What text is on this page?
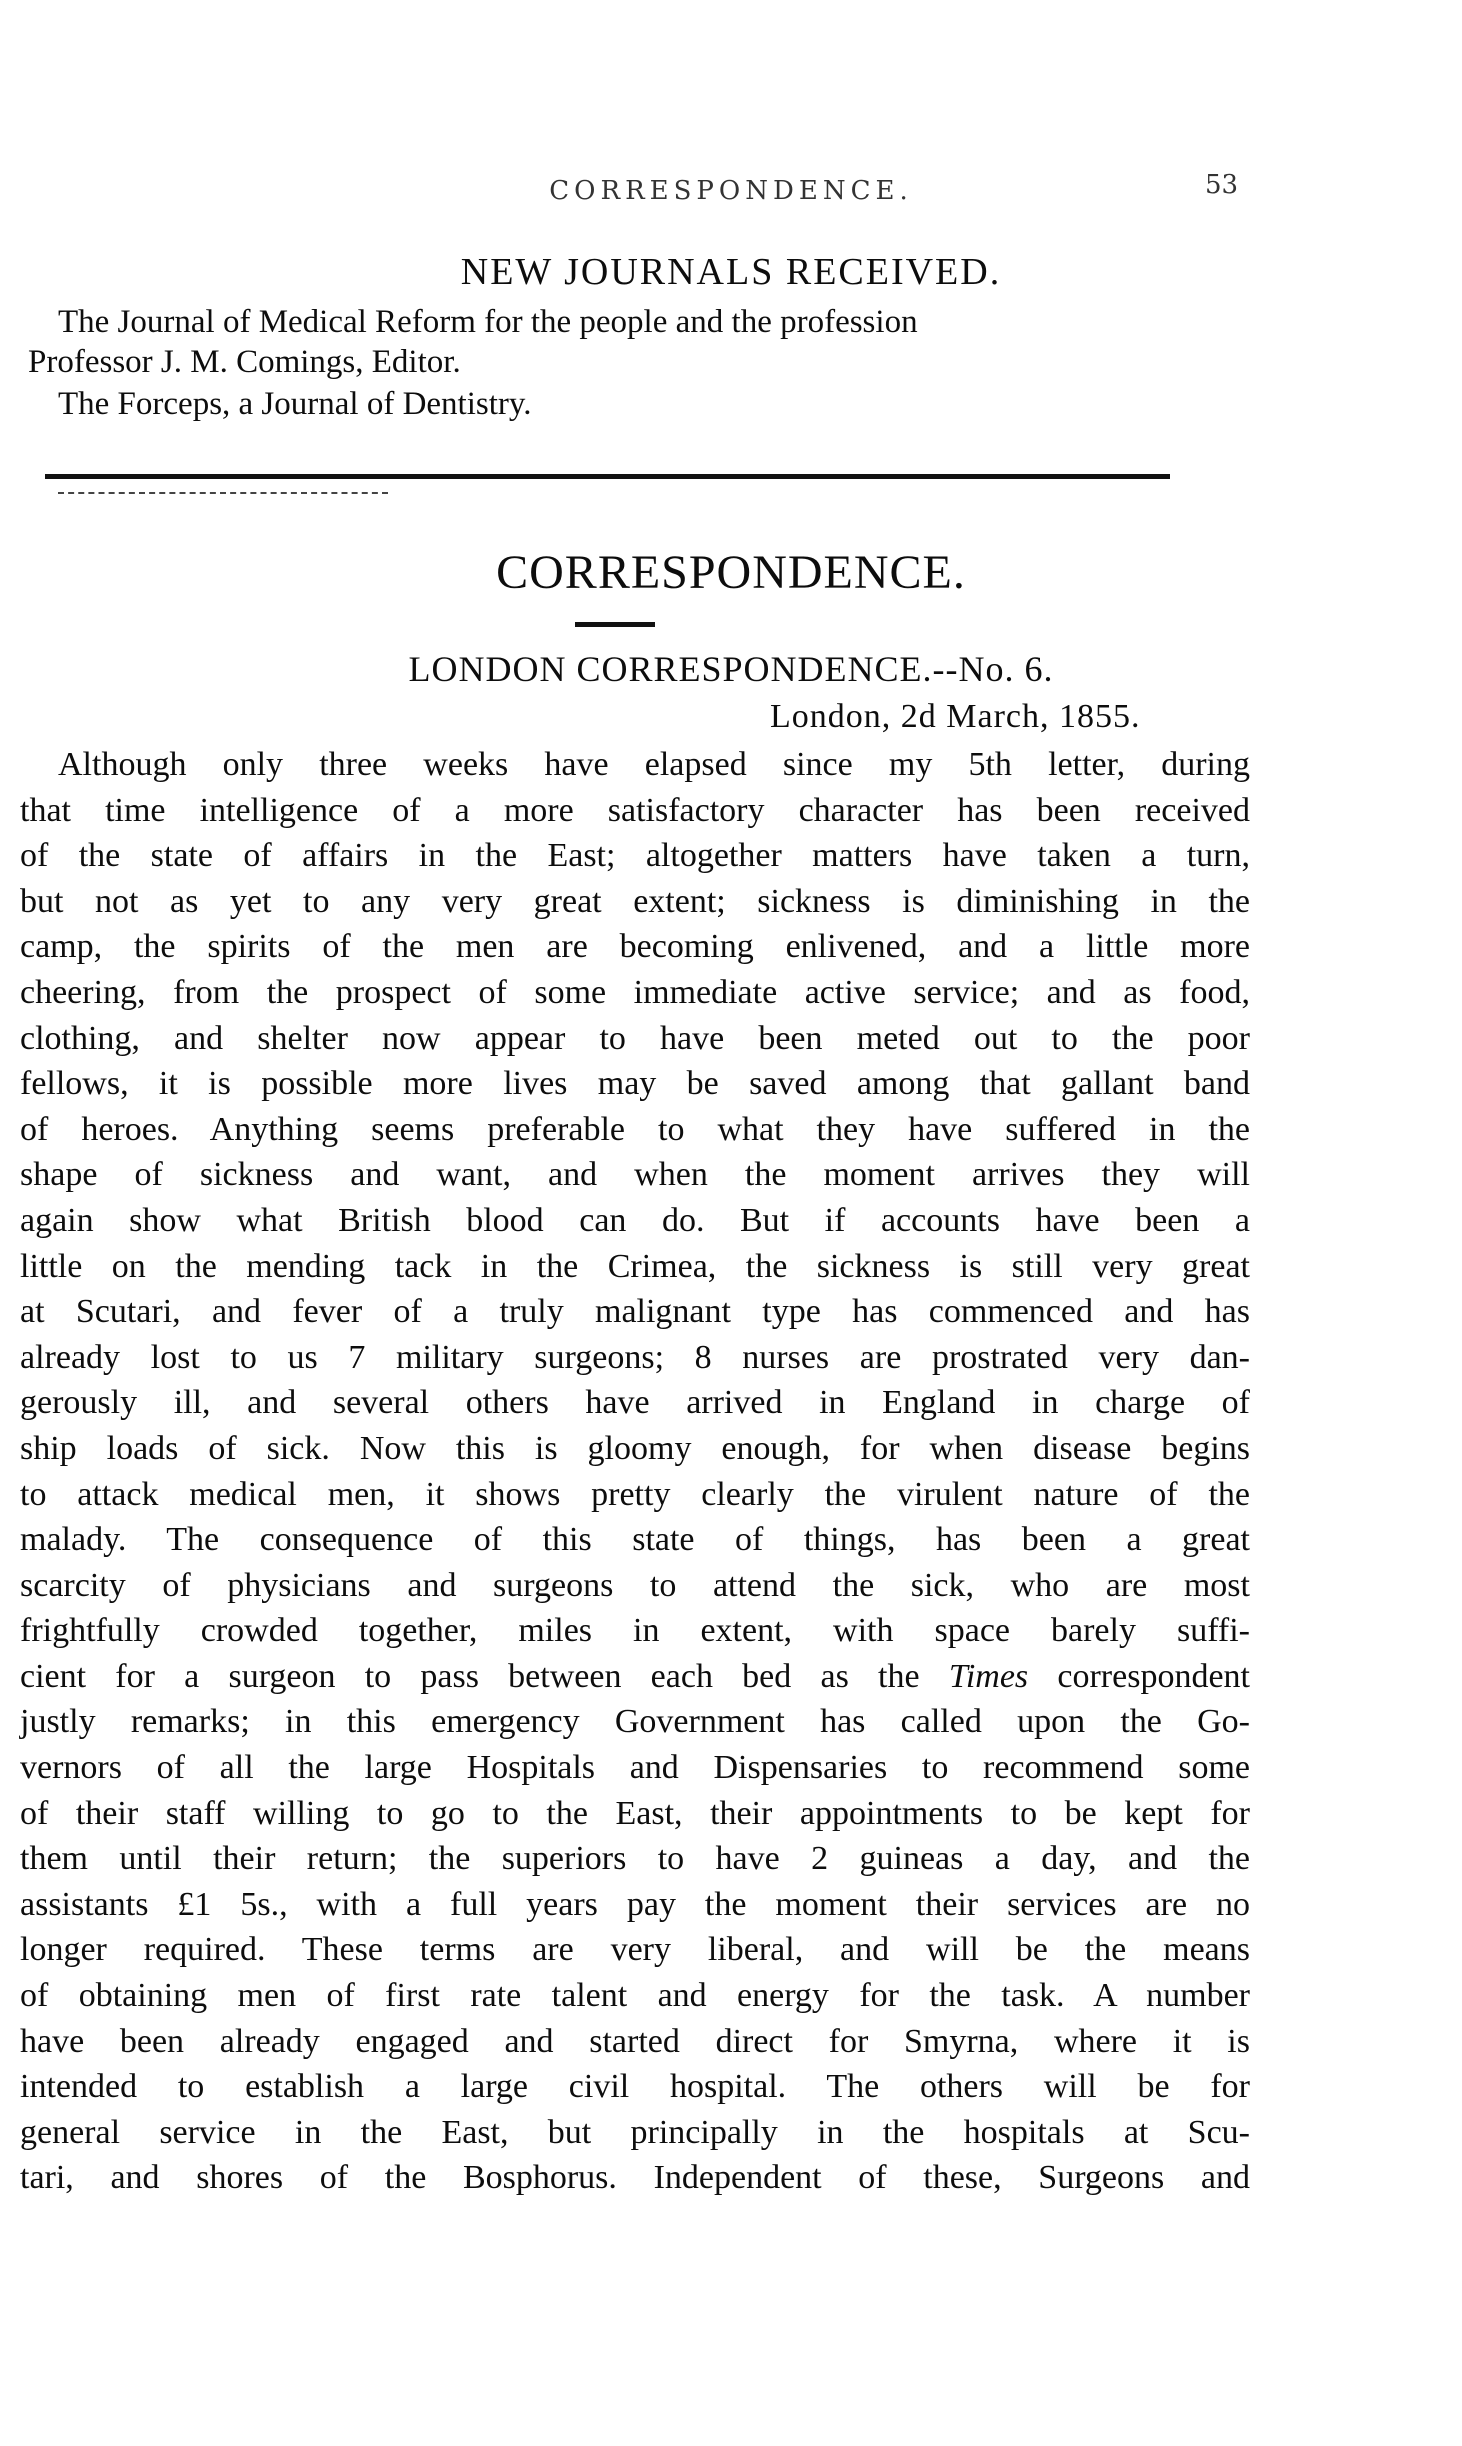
CORRESPONDENCE.	53
NEW JOURNALS RECEIVED.
The Journal of Medical Reform for the people and the profession
Professor J. M. Comings, Editor.
The Forceps, a Journal of Dentistry.
CORRESPONDENCE.
LONDON CORRESPONDENCE.--No. 6.
London, 2d March, 1855.
Although only three weeks have elapsed since my 5th letter, during
that time intelligence of a more satisfactory character has been received
of the state of affairs in the East; altogether matters have taken a turn,
but not as yet to any very great extent; sickness is diminishing in the
camp, the spirits of the men are becoming enlivened, and a little more
cheering, from the prospect of some immediate active service; and as food,
clothing, and shelter now appear to have been meted out to the poor
fellows, it is possible more lives may be saved among that gallant band
of heroes. Anything seems preferable to what they have suffered in the
shape of sickness and want, and when the moment arrives they will
again show what British blood can do. But if accounts have been a
little on the mending tack in the Crimea, the sickness is still very great
at Scutari, and fever of a truly malignant type has commenced and has
already lost to us 7 military surgeons; 8 nurses are prostrated very dan-
gerously ill, and several others have arrived in England in charge of
ship loads of sick. Now this is gloomy enough, for when disease begins
to attack medical men, it shows pretty clearly the virulent nature of the
malady. The consequence of this state of things, has been a great
scarcity of physicians and surgeons to attend the sick, who are most
frightfully crowded together, miles in extent, with space barely suffi-
cient for a surgeon to pass between each bed as the Times correspondent
justly remarks; in this emergency Government has called upon the Go-
vernors of all the large Hospitals and Dispensaries to recommend some
of their staff willing to go to the East, their appointments to be kept for
them until their return; the superiors to have 2 guineas a day, and the
assistants £1 5s., with a full years pay the moment their services are no
longer required. These terms are very liberal, and will be the means
of obtaining men of first rate talent and energy for the task. A number
have been already engaged and started direct for Smyrna, where it is
intended to establish a large civil hospital. The others will be for
general service in the East, but principally in the hospitals at Scu-
tari, and shores of the Bosphorus. Independent of these, Surgeons and
